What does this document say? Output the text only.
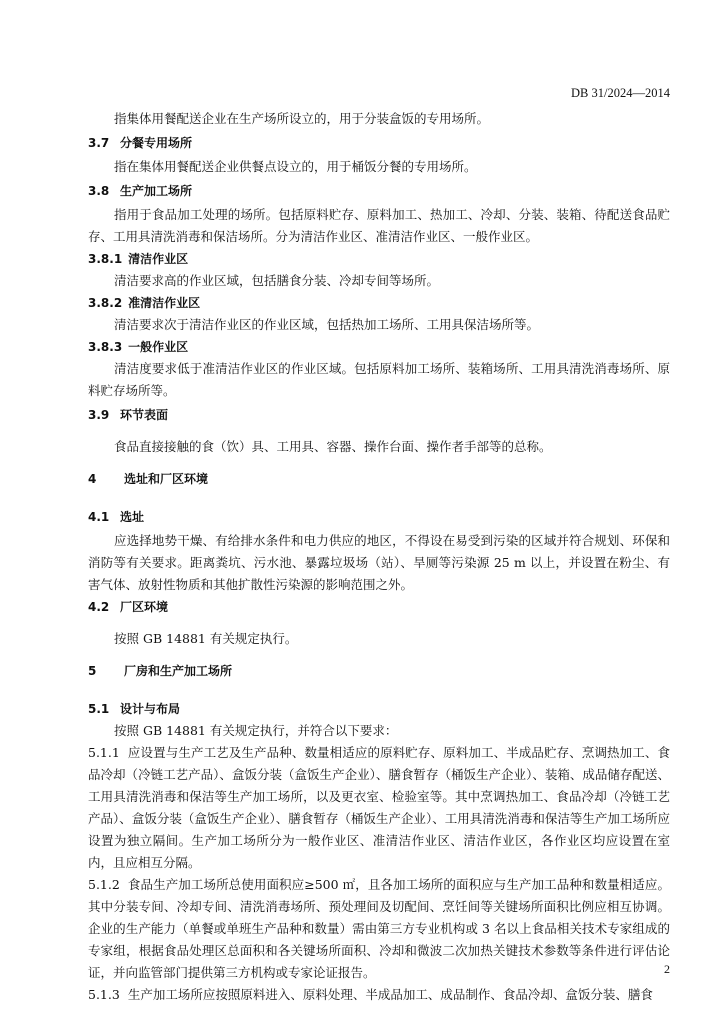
DB 31/2024—2014
指集体用餐配送企业在生产场所设立的，用于分装盒饭的专用场所。
3.7 分餐专用场所
指在集体用餐配送企业供餐点设立的，用于桶饭分餐的专用场所。
3.8 生产加工场所
指用于食品加工处理的场所。包括原料贮存、原料加工、热加工、冷却、分装、装箱、待配送食品贮存、工用具清洗消毒和保洁场所。分为清洁作业区、准清洁作业区、一般作业区。
3.8.1 清洁作业区
清洁要求高的作业区域，包括膳食分装、冷却专间等场所。
3.8.2 准清洁作业区
清洁要求次于清洁作业区的作业区域，包括热加工场所、工用具保洁场所等。
3.8.3 一般作业区
清洁度要求低于准清洁作业区的作业区域。包括原料加工场所、装箱场所、工用具清洗消毒场所、原料贮存场所等。
3.9 环节表面
食品直接接触的食（饮）具、工用具、容器、操作台面、操作者手部等的总称。
4 选址和厂区环境
4.1 选址
应选择地势干燥、有给排水条件和电力供应的地区，不得设在易受到污染的区域并符合规划、环保和消防等有关要求。距离粪坑、污水池、暴露垃圾场（站）、旱厕等污染源 25 m 以上，并设置在粉尘、有害气体、放射性物质和其他扩散性污染源的影响范围之外。
4.2 厂区环境
按照 GB 14881 有关规定执行。
5 厂房和生产加工场所
5.1 设计与布局
按照 GB 14881 有关规定执行，并符合以下要求：
5.1.1 应设置与生产工艺及生产品种、数量相适应的原料贮存、原料加工、半成品贮存、烹调热加工、食品冷却（冷链工艺产品）、盒饭分装（盒饭生产企业）、膳食暂存（桶饭生产企业）、装箱、成品储存配送、工用具清洗消毒和保洁等生产加工场所，以及更衣室、检验室等。其中烹调热加工、食品冷却（冷链工艺产品）、盒饭分装（盒饭生产企业）、膳食暂存（桶饭生产企业）、工用具清洗消毒和保洁等生产加工场所应设置为独立隔间。生产加工场所分为一般作业区、准清洁作业区、清洁作业区，各作业区均应设置在室内，且应相互分隔。
5.1.2 食品生产加工场所总使用面积应≥500 ㎡，且各加工场所的面积应与生产加工品种和数量相适应。其中分装专间、冷却专间、清洗消毒场所、预处理间及切配间、烹饪间等关键场所面积比例应相互协调。企业的生产能力（单餐或单班生产品种和数量）需由第三方专业机构或 3 名以上食品相关技术专家组成的专家组，根据食品处理区总面积和各关键场所面积、冷却和微波二次加热关键技术参数等条件进行评估论证，并向监管部门提供第三方机构或专家论证报告。
5.1.3 生产加工场所应按照原料进入、原料处理、半成品加工、成品制作、食品冷却、盒饭分装、膳食
2
